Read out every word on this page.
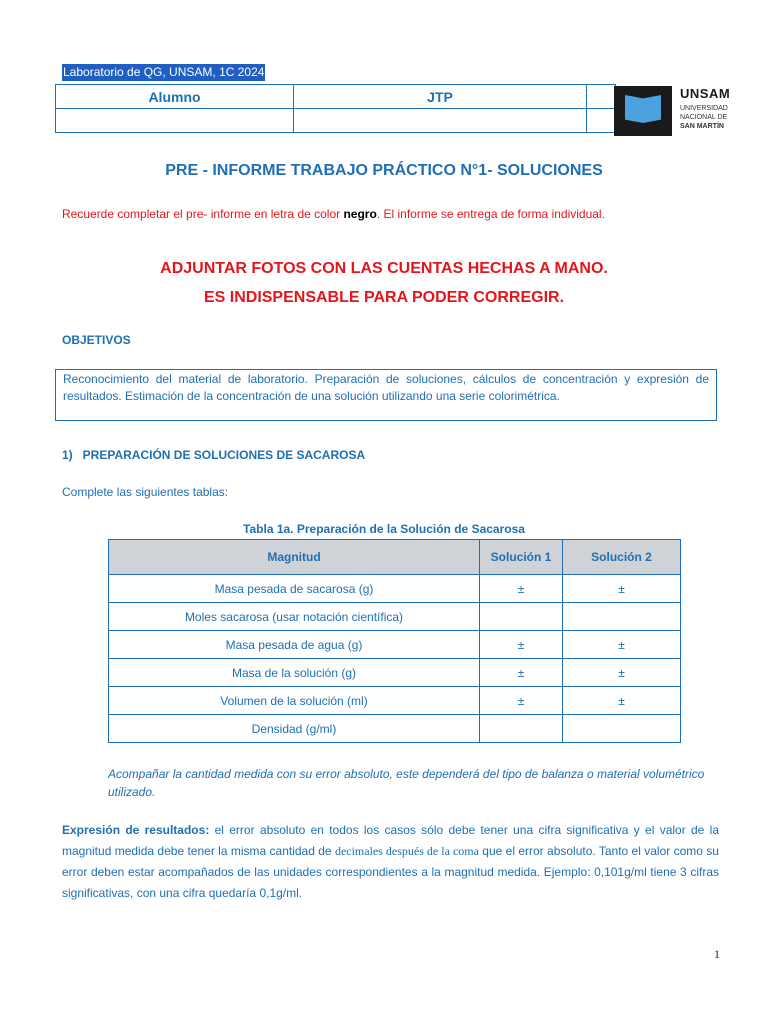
Laboratorio de QG, UNSAM, 1C 2024
Alumno	JTP	
			UNSAM
UNIVERSIDAD
NACIONAL DE
SAN MARTÍN
PRE - INFORME TRABAJO PRÁCTICO N°1- SOLUCIONES
Recuerde completar el pre- informe en letra de color negro. El informe se entrega de forma individual.
ADJUNTAR FOTOS CON LAS CUENTAS HECHAS A MANO.
ES INDISPENSABLE PARA PODER CORREGIR.
OBJETIVOS
Reconocimiento del material de laboratorio. Preparación de soluciones, cálculos de concentración y expresión de resultados. Estimación de la concentración de una solución utilizando una serie colorimétrica.
1)   PREPARACIÓN DE SOLUCIONES DE SACAROSA
Complete las siguientes tablas:
Tabla 1a. Preparación de la Solución de Sacarosa
Magnitud	Solución 1	Solución 2
Masa pesada de sacarosa (g)	±	±
Moles sacarosa (usar notación científica)		
Masa pesada de agua (g)	±	±
Masa de la solución (g)	±	±
Volumen de la solución (ml)	±	±
Densidad (g/ml)		
Acompañar la cantidad medida con su error absoluto, este dependerá del tipo de balanza o material volumétrico utilizado.
Expresión de resultados: el error absoluto en todos los casos sólo debe tener una cifra significativa y el valor de la magnitud medida debe tener la misma cantidad de decimales después de la coma que el error absoluto. Tanto el valor como su error deben estar acompañados de las unidades correspondientes a la magnitud medida. Ejemplo: 0,101g/ml tiene 3 cifras significativas, con una cifra quedaría 0,1g/ml.
1
